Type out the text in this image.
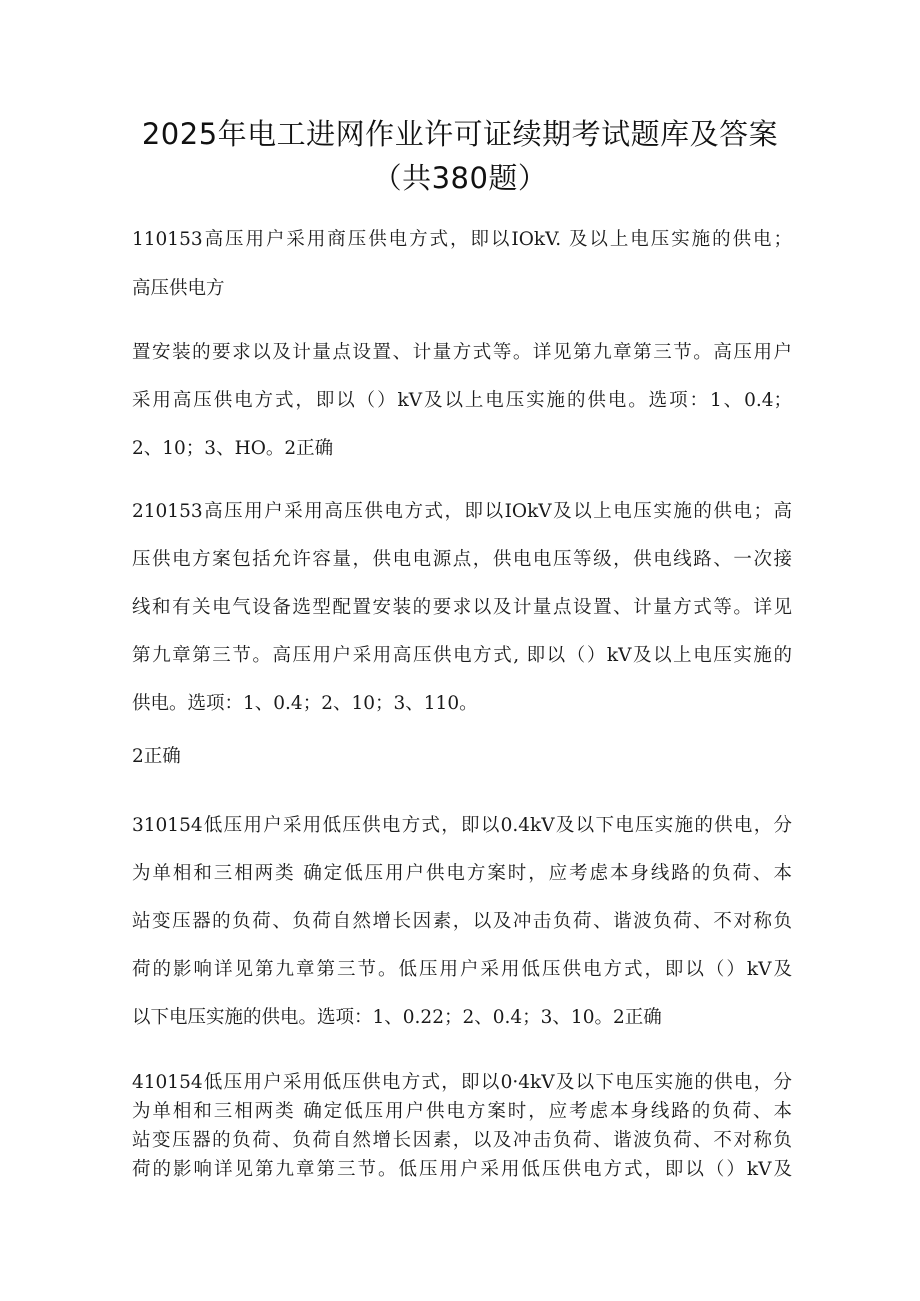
2025年电工进网作业许可证续期考试题库及答案
（共380题）
110153高压用户采用商压供电方式，即以IOkV. 及以上电压实施的供电；
高压供电方
置安装的要求以及计量点设置、计量方式等。详见第九章第三节。高压用户
采用高压供电方式，即以（）kV及以上电压实施的供电。选项：1、0.4；
2、10；3、HO。2正确
210153高压用户采用高压供电方式，即以IOkV及以上电压实施的供电；高
压供电方案包括允许容量，供电电源点，供电电压等级，供电线路、一次接
线和有关电气设备选型配置安装的要求以及计量点设置、计量方式等。详见
第九章第三节。高压用户采用高压供电方式, 即以（）kV及以上电压实施的
供电。选项：1、0.4；2、10；3、110。
2正确
310154低压用户采用低压供电方式，即以0.4kV及以下电压实施的供电，分
为单相和三相两类 确定低压用户供电方案时，应考虑本身线路的负荷、本
站变压器的负荷、负荷自然增长因素，以及冲击负荷、谐波负荷、不对称负
荷的影响详见第九章第三节。低压用户采用低压供电方式，即以（）kV及
以下电压实施的供电。选项：1、0.22；2、0.4；3、10。2正确
410154低压用户采用低压供电方式，即以0·4kV及以下电压实施的供电，分
为单相和三相两类 确定低压用户供电方案时，应考虑本身线路的负荷、本
站变压器的负荷、负荷自然增长因素，以及冲击负荷、谐波负荷、不对称负
荷的影响详见第九章第三节。低压用户采用低压供电方式，即以（）kV及
